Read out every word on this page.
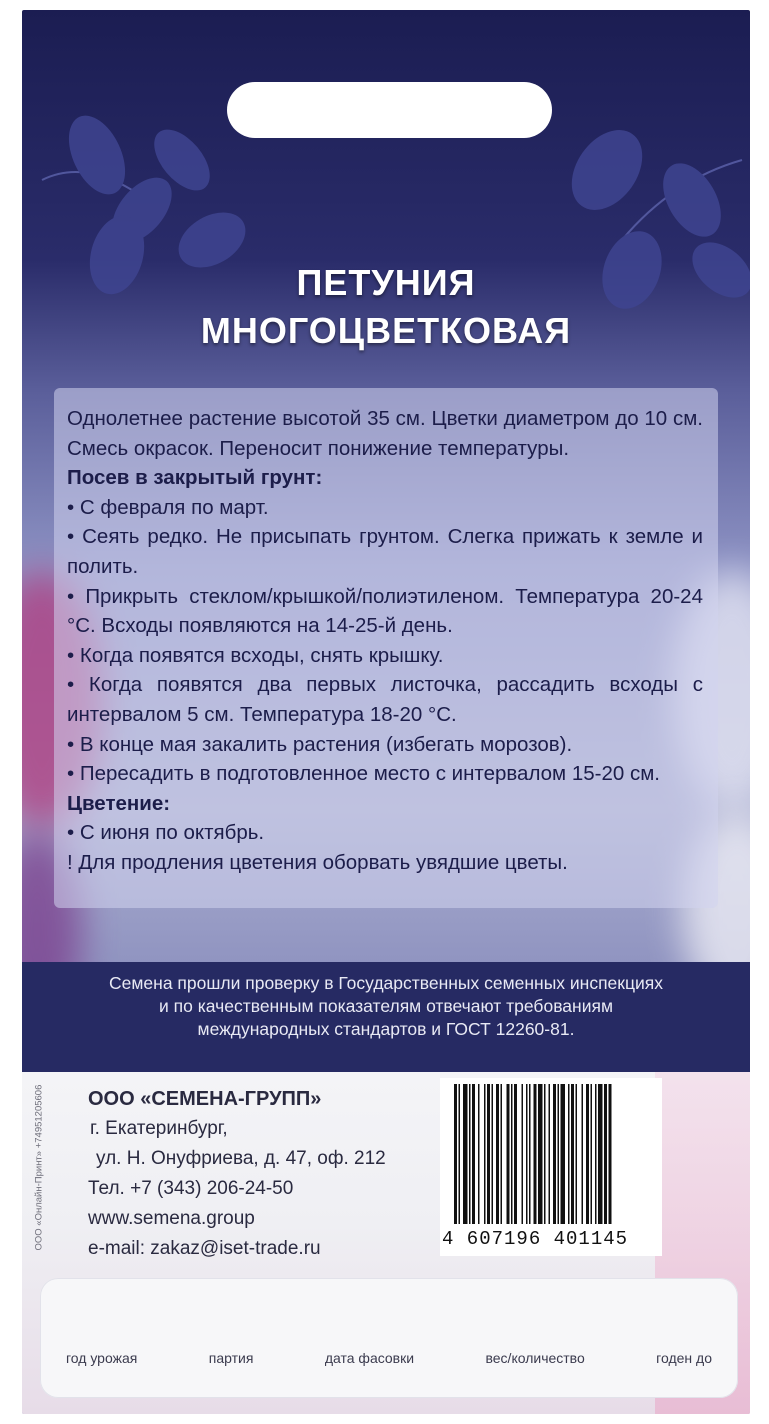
ПЕТУНИЯ
МНОГОЦВЕТКОВАЯ

Однолетнее растение высотой 35 см. Цветки диаметром до 10 см. Смесь окрасок. Переносит понижение температуры.

Посев в закрытый грунт:

• С февраля по март.

• Сеять редко. Не присыпать грунтом. Слегка прижать к земле и полить.

• Прикрыть стеклом/крышкой/полиэтиленом. Температура 20-24 °С. Всходы появляются на 14-25-й день.

• Когда появятся всходы, снять крышку.

• Когда появятся два первых листочка, рассадить всходы с интервалом 5 см. Температура 18-20 °С.

• В конце мая закалить растения (избегать морозов).

• Пересадить в подготовленное место с интервалом 15-20 см.

Цветение:

• С июня по октябрь.

! Для продления цветения оборвать увядшие цветы.

Семена прошли проверку в Государственных семенных инспекциях
и по качественным показателям отвечают требованиям
международных стандартов и ГОСТ 12260-81.
ООО «Онлайн-Принт» +74951205606 ООО «СЕМЕНА-ГРУПП»
г. Екатеринбург,
ул. Н. Онуфриева, д. 47, оф. 212
Тел. +7 (343) 206-24-50
www.semena.group
e-mail: zakaz@iset-trade.ru	4 607196 401145
год урожая	партия	дата фасовки	вес/количество	годен до
